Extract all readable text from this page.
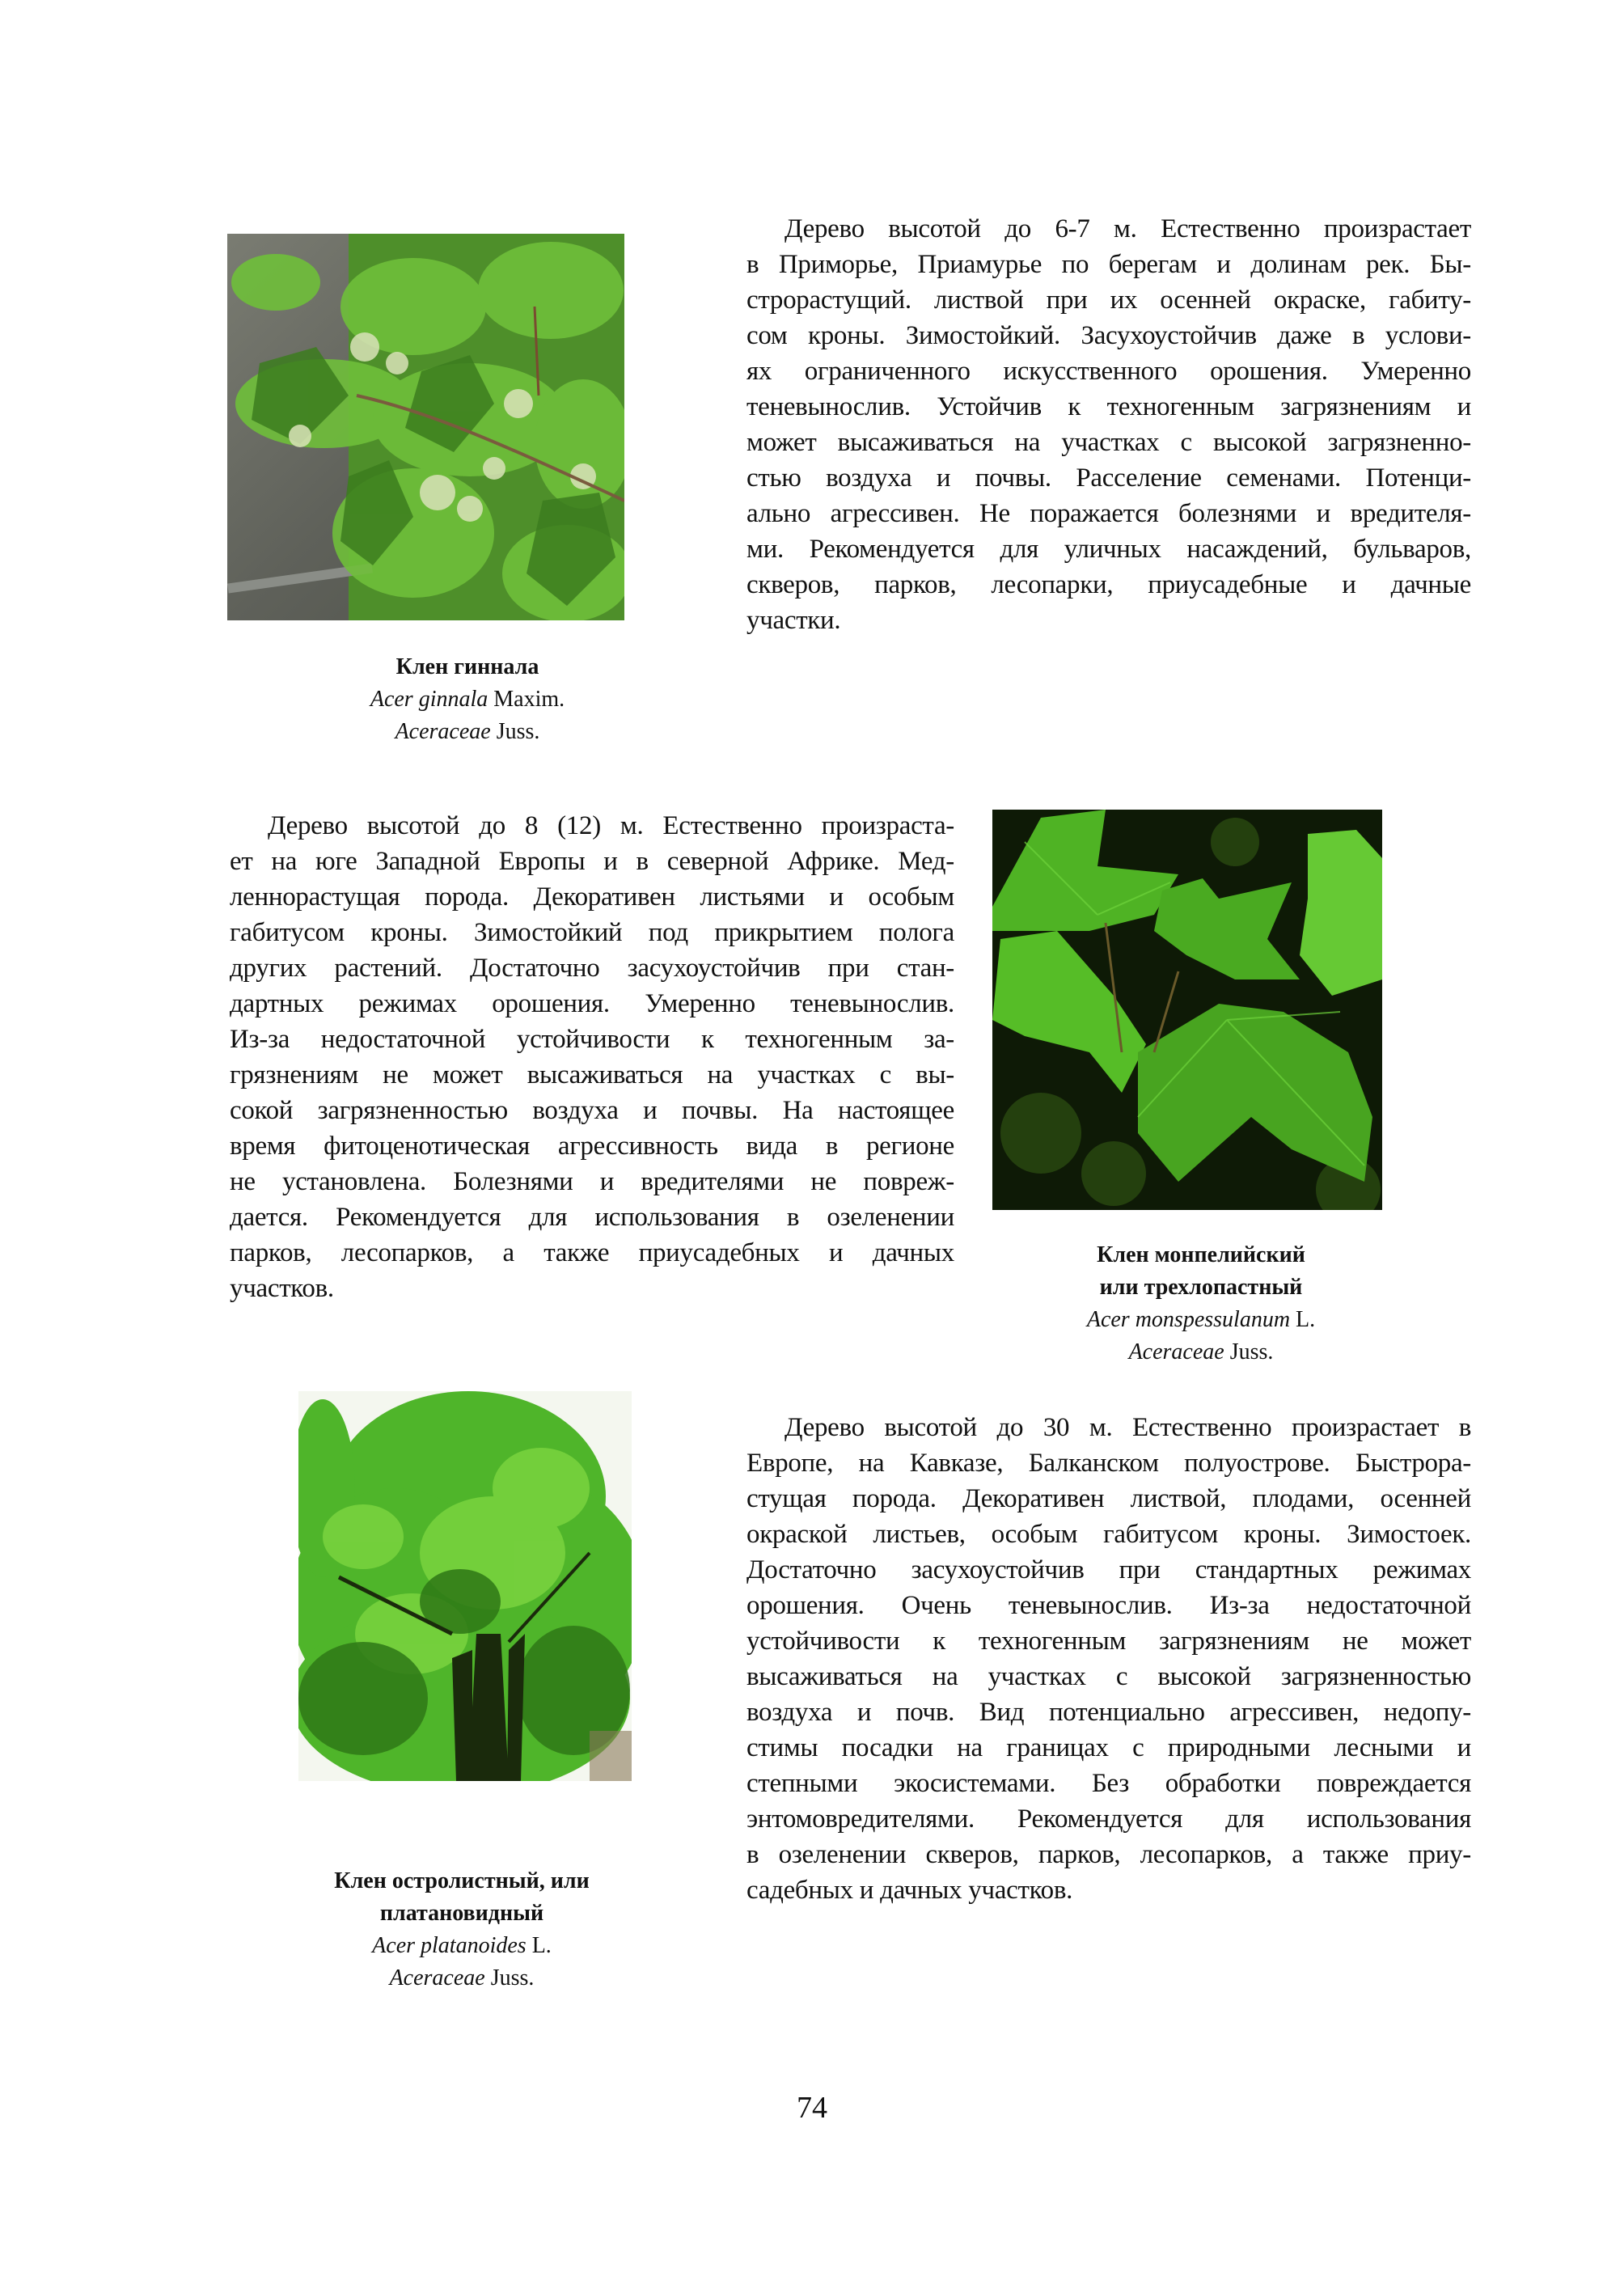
Дерево высотой до 6-7 м. Естественно произрастает
в Приморье, Приамурье по берегам и долинам рек. Бы-
строрастущий. листвой при их осенней окраске, габиту-
сом кроны. Зимостойкий. Засухоустойчив даже в услови-
ях ограниченного искусственного орошения. Умеренно
теневынослив. Устойчив к техногенным загрязнениям и
может высаживаться на участках с высокой загрязненно-
стью воздуха и почвы. Расселение семенами. Потенци-
ально агрессивен. Не поражается болезнями и вредителя-
ми. Рекомендуется для уличных насаждений, бульваров,
скверов, парков, лесопарки, приусадебные и дачные
участки.
Клен гиннала
Acer ginnala Maxim.
Aceraceae Juss.
Дерево высотой до 8 (12) м. Естественно произраста-
ет на юге Западной Европы и в северной Африке. Мед-
леннорастущая порода. Декоративен листьями и особым
габитусом кроны. Зимостойкий под прикрытием полога
других растений. Достаточно засухоустойчив при стан-
дартных режимах орошения. Умеренно теневынослив.
Из-за недостаточной устойчивости к техногенным за-
грязнениям не может высаживаться на участках с вы-
сокой загрязненностью воздуха и почвы. На настоящее
время фитоценотическая агрессивность вида в регионе
не установлена. Болезнями и вредителями не повреж-
дается. Рекомендуется для использования в озеленении
парков, лесопарков, а также приусадебных и дачных
участков.
Клен монпелийский
или трехлопастный
Acer monspessulanum L.
Aceraceae Juss.
Дерево высотой до 30 м. Естественно произрастает в
Европе, на Кавказе, Балканском полуострове. Быстрора-
стущая порода. Декоративен листвой, плодами, осенней
окраской листьев, особым габитусом кроны. Зимостоек.
Достаточно засухоустойчив при стандартных режимах
орошения. Очень теневынослив. Из-за недостаточной
устойчивости к техногенным загрязнениям не может
высаживаться на участках с высокой загрязненностью
воздуха и почв. Вид потенциально агрессивен, недопу-
стимы посадки на границах с природными лесными и
степными экосистемами. Без обработки повреждается
энтомовредителями. Рекомендуется для использования
в озеленении скверов, парков, лесопарков, а также приу-
садебных и дачных участков.
Клен остролистный, или
платановидный
Acer platanoides L.
Aceraceae Juss.
74
